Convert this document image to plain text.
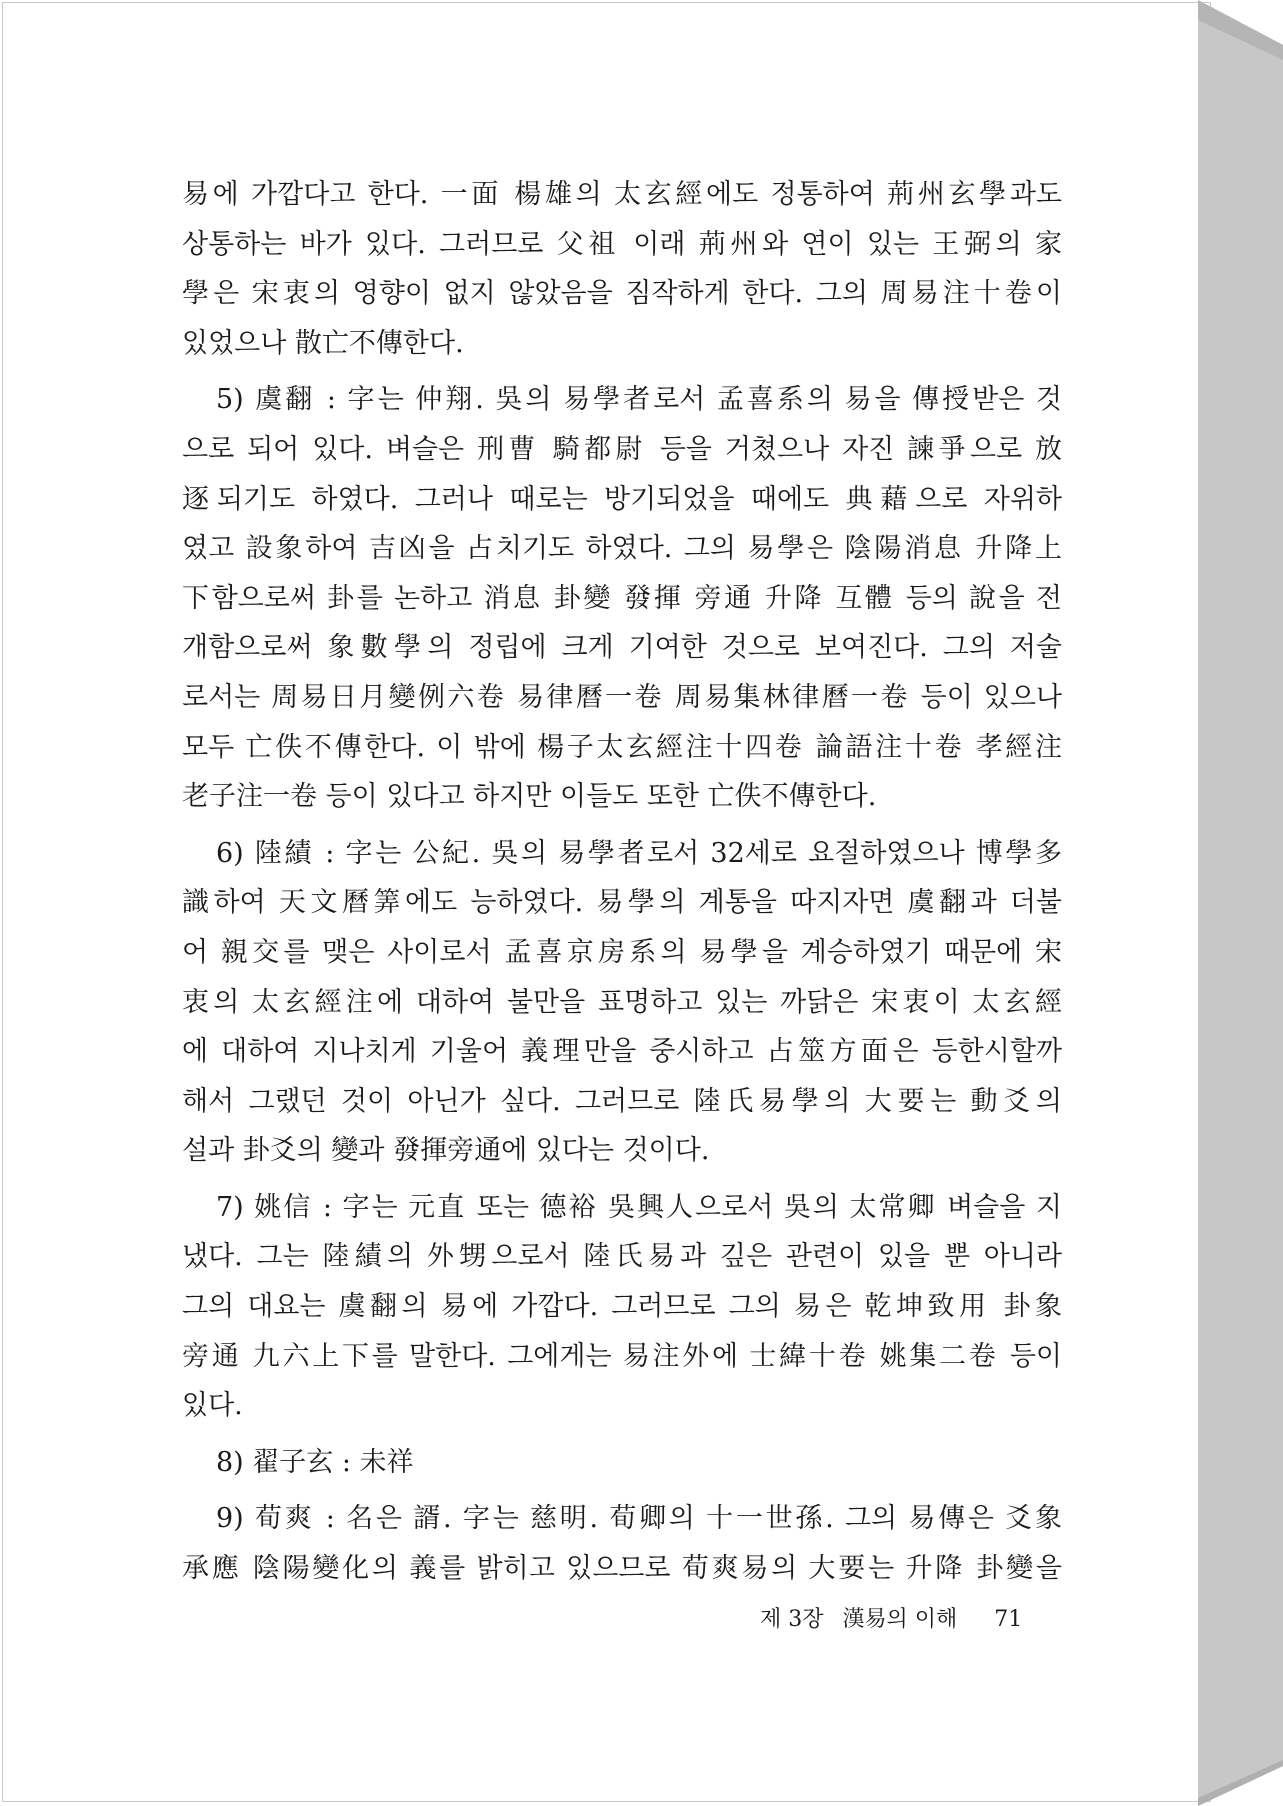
易에 가깝다고 한다. 一面 楊雄의 太玄經에도 정통하여 荊州玄學과도
상통하는 바가 있다. 그러므로 父祖 이래 荊州와 연이 있는 王弼의 家
學은 宋衷의 영향이 없지 않았음을 짐작하게 한다. 그의 周易注十卷이
있었으나 散亡不傳한다.
5) 虞翻 : 字는 仲翔. 吳의 易學者로서 孟喜系의 易을 傳授받은 것
으로 되어 있다. 벼슬은 刑曹 騎都尉 등을 거쳤으나 자진 諫爭으로 放
逐되기도 하였다. 그러나 때로는 방기되었을 때에도 典藉으로 자위하
였고 設象하여 吉凶을 占치기도 하였다. 그의 易學은 陰陽消息 升降上
下함으로써 卦를 논하고 消息 卦變 發揮 旁通 升降 互體 등의 說을 전
개함으로써 象數學의 정립에 크게 기여한 것으로 보여진다. 그의 저술
로서는 周易日月變例六卷 易律曆一卷 周易集林律曆一卷 등이 있으나
모두 亡佚不傳한다. 이 밖에 楊子太玄經注十四卷 論語注十卷 孝經注
老子注一卷 등이 있다고 하지만 이들도 또한 亡佚不傳한다.
6) 陸績 : 字는 公紀. 吳의 易學者로서 32세로 요절하였으나 博學多
識하여 天文曆筭에도 능하였다. 易學의 계통을 따지자면 虞翻과 더불
어 親交를 맺은 사이로서 孟喜京房系의 易學을 계승하였기 때문에 宋
衷의 太玄經注에 대하여 불만을 표명하고 있는 까닭은 宋衷이 太玄經
에 대하여 지나치게 기울어 義理만을 중시하고 占筮方面은 등한시할까
해서 그랬던 것이 아닌가 싶다. 그러므로 陸氏易學의 大要는 動爻의
설과 卦爻의 變과 發揮旁通에 있다는 것이다.
7) 姚信 : 字는 元直 또는 德裕 吳興人으로서 吳의 太常卿 벼슬을 지
냈다. 그는 陸績의 外甥으로서 陸氏易과 깊은 관련이 있을 뿐 아니라
그의 대요는 虞翻의 易에 가깝다. 그러므로 그의 易은 乾坤致用 卦象
旁通 九六上下를 말한다. 그에게는 易注外에 士緯十卷 姚集二卷 등이
있다.
8) 翟子玄 : 未祥
9) 荀爽 : 名은 諝. 字는 慈明. 荀卿의 十一世孫. 그의 易傳은 爻象
承應 陰陽變化의 義를 밝히고 있으므로 荀爽易의 大要는 升降 卦變을
제 3장 漢易의 이해 71
